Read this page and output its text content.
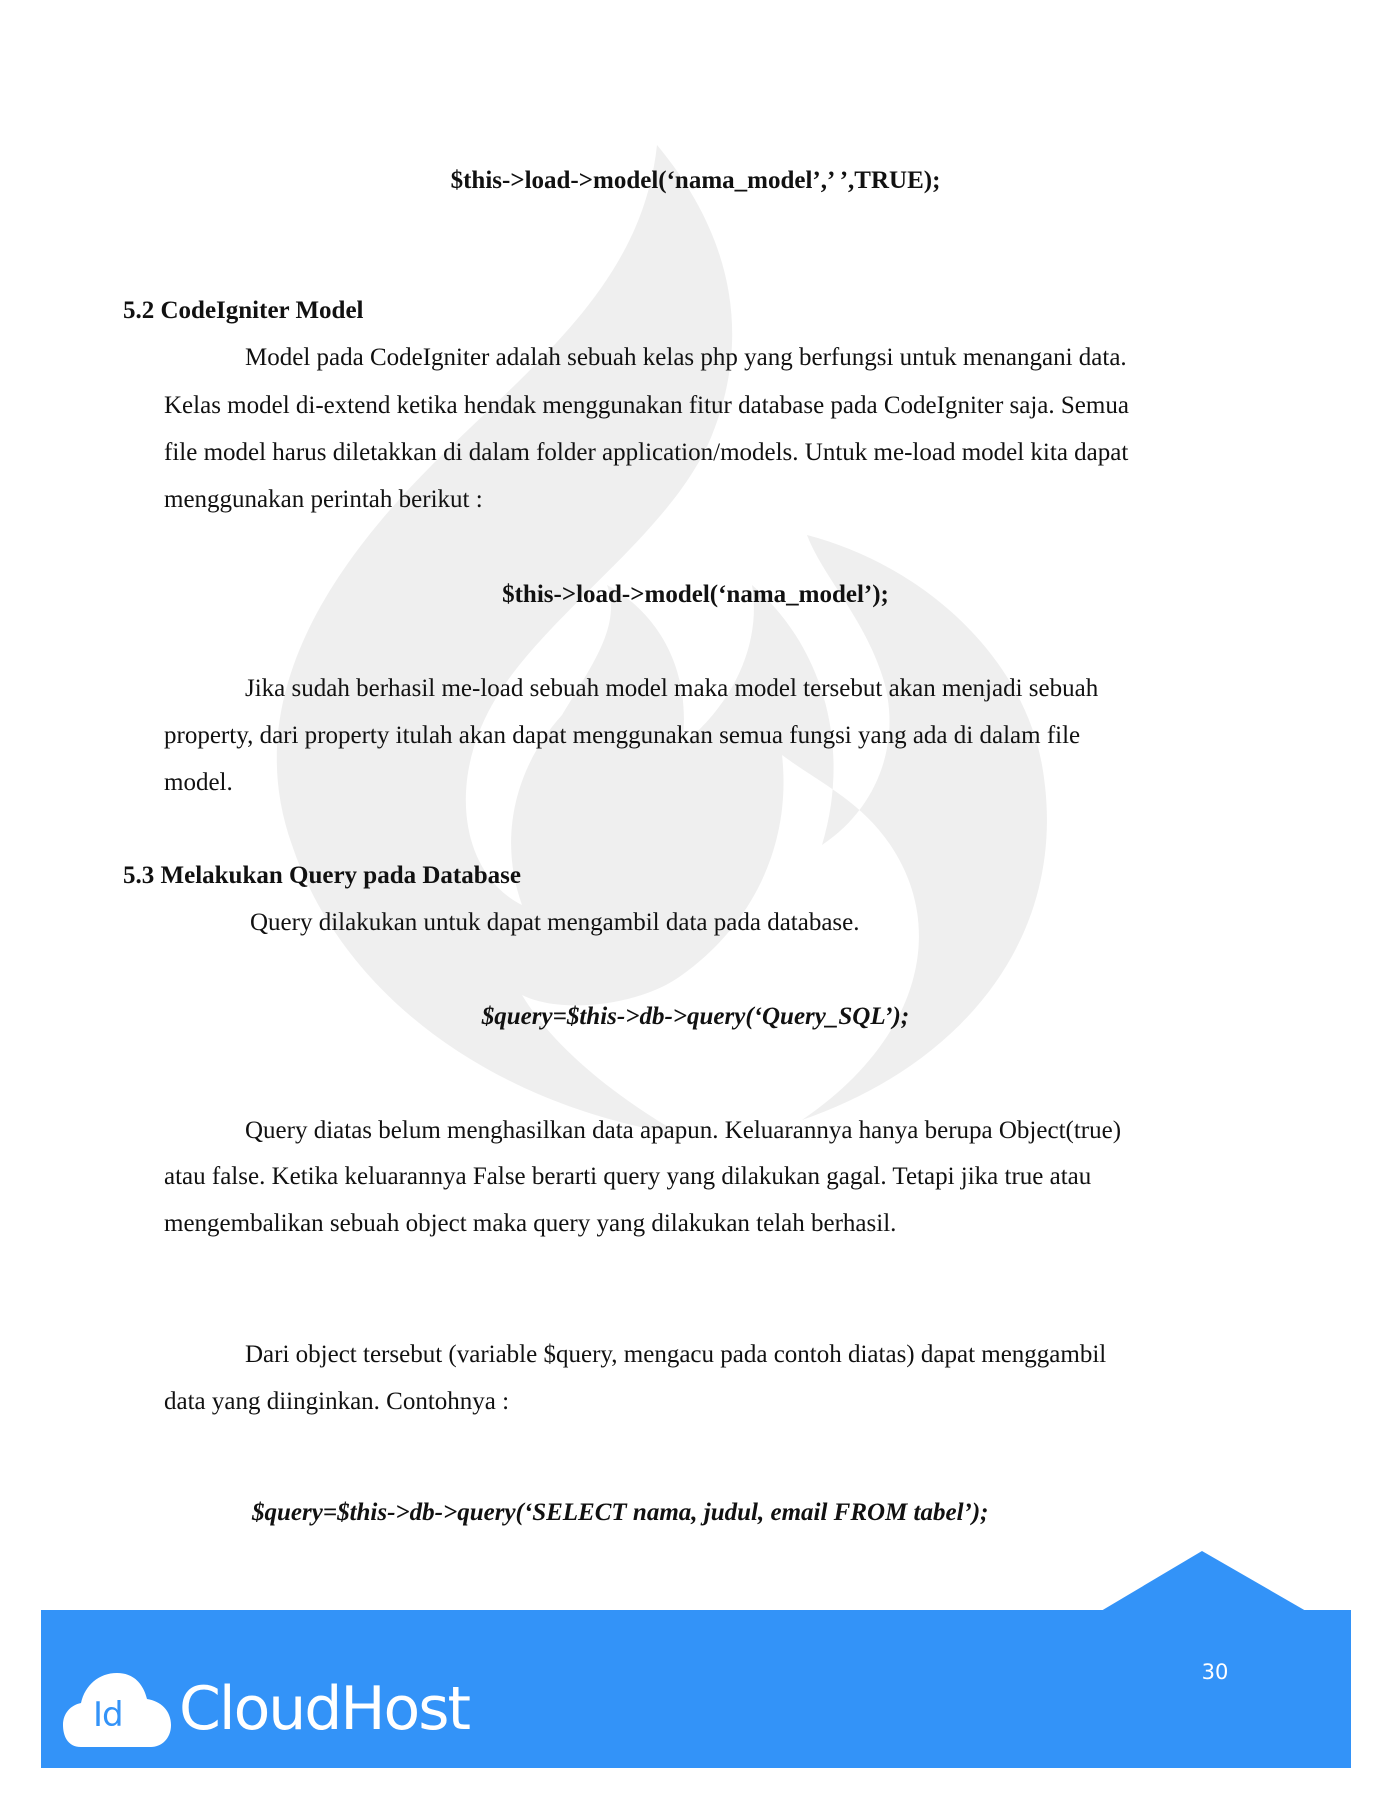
$this->load->model(‘nama_model’,’ ’,TRUE);
5.2 CodeIgniter Model
Model pada CodeIgniter adalah sebuah kelas php yang berfungsi untuk menangani data.
Kelas model di-extend ketika hendak menggunakan fitur database pada CodeIgniter saja. Semua
file model harus diletakkan di dalam folder application/models. Untuk me-load model kita dapat
menggunakan perintah berikut :
$this->load->model(‘nama_model’);
Jika sudah berhasil me-load sebuah model maka model tersebut akan menjadi sebuah
property, dari property itulah akan dapat menggunakan semua fungsi yang ada di dalam file
model.
5.3 Melakukan Query pada Database
Query dilakukan untuk dapat mengambil data pada database.
$query=$this->db->query(‘Query_SQL’);
Query diatas belum menghasilkan data apapun. Keluarannya hanya berupa Object(true)
atau false. Ketika keluarannya False berarti query yang dilakukan gagal. Tetapi jika true atau
mengembalikan sebuah object maka query yang dilakukan telah berhasil.
Dari object tersebut (variable $query, mengacu pada contoh diatas) dapat menggambil
data yang diinginkan. Contohnya :
$query=$this->db->query(‘SELECT nama, judul, email FROM tabel’);
Id CloudHost
30
